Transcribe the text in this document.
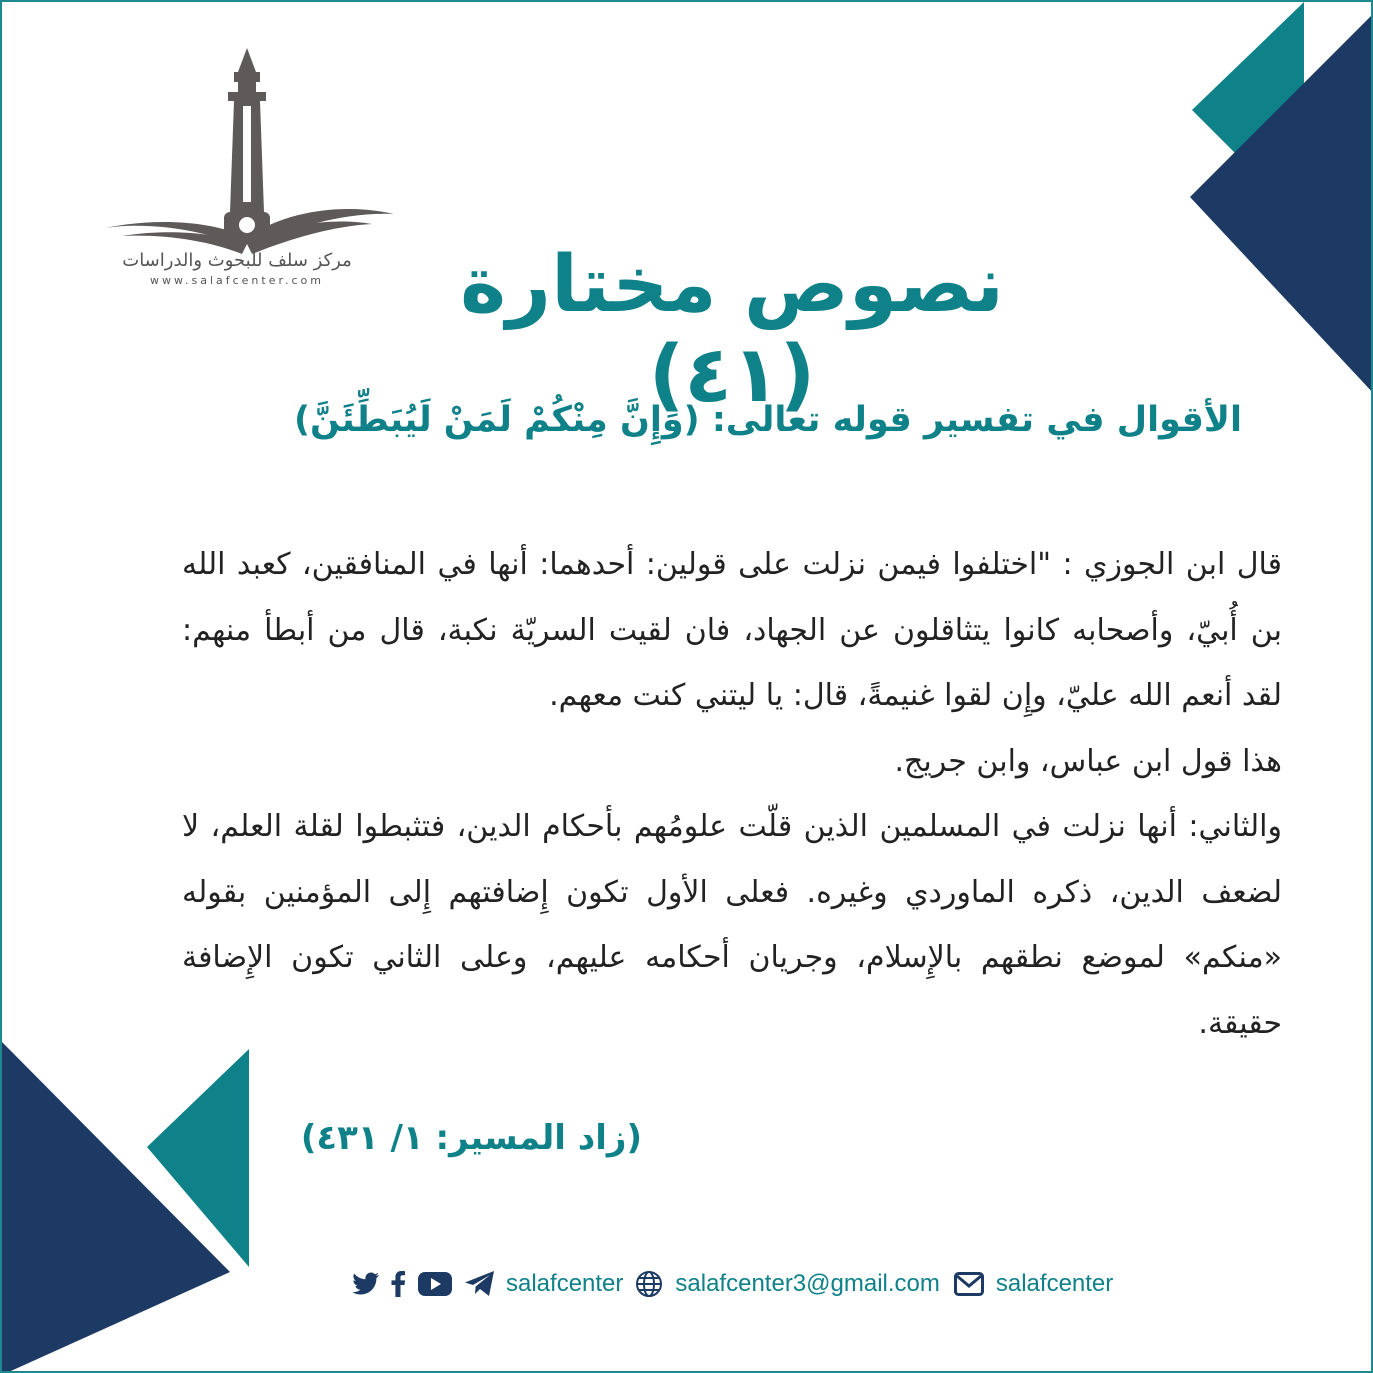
مركز سلف للبحوث والدراسات
www.salafcenter.com	نصوص مختارة (٤١)
الأقوال في تفسير قوله تعالى: (وَإِنَّ مِنْكُمْ لَمَنْ لَيُبَطِّئَنَّ)

قال ابن الجوزي : "اختلفوا فيمن نزلت على قولين: أحدهما: أنها في المنافقين، كعبد الله بن أُبيّ، وأصحابه كانوا يتثاقلون عن الجهاد، فان لقيت السريّة نكبة، قال من أبطأ منهم: لقد أنعم الله عليّ، وإِن لقوا غنيمةً، قال: يا ليتني كنت معهم.

هذا قول ابن عباس، وابن جريج.

والثاني: أنها نزلت في المسلمين الذين قلّت علومُهم بأحكام الدين، فتثبطوا لقلة العلم، لا لضعف الدين، ذكره الماوردي وغيره. فعلى الأول تكون إِضافتهم إِلى المؤمنين بقوله «منكم» لموضع نطقهم بالإِسلام، وجريان أحكامه عليهم، وعلى الثاني تكون الإِضافة حقيقة.

(زاد المسير: ١/ ٤٣١)
salafcenter salafcenter3@gmail.com salafcenter
